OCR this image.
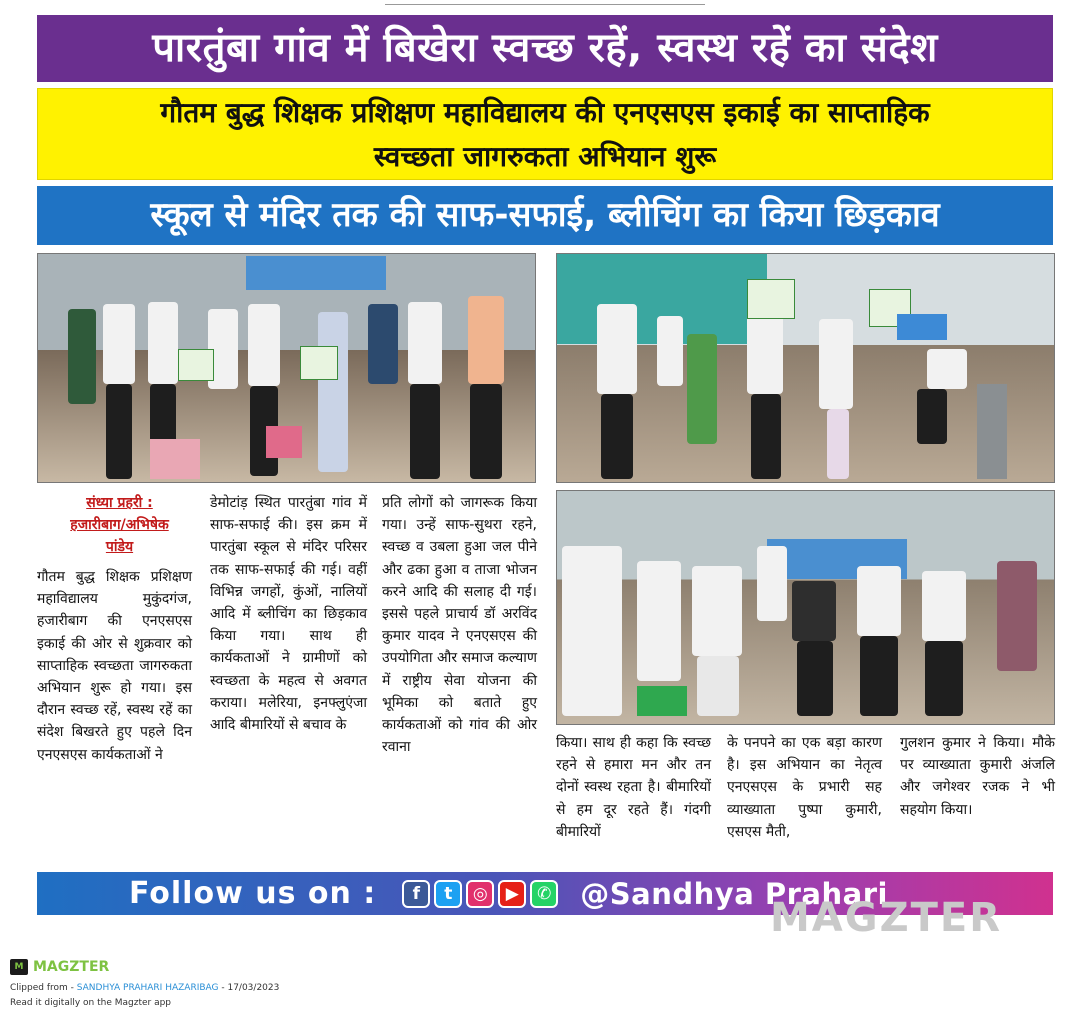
पारतुंबा गांव में बिखेरा स्वच्छ रहें, स्वस्थ रहें का संदेश
गौतम बुद्ध शिक्षक प्रशिक्षण महाविद्यालय की एनएसएस इकाई का साप्ताहिक
स्वच्छता जागरुकता अभियान शुरू
स्कूल से मंदिर तक की साफ-सफाई, ब्लीचिंग का किया छिड़काव
संध्या प्रहरी :
हजारीबाग/अभिषेक
पांडेय
गौतम बुद्ध शिक्षक प्रशिक्षण महाविद्यालय मुकुंदगंज, हजारीबाग की एनएसएस इकाई की ओर से शुक्रवार को साप्ताहिक स्वच्छता जागरुकता अभियान शुरू हो गया। इस दौरान स्वच्छ रहें, स्वस्थ रहें का संदेश बिखरते हुए पहले दिन एनएसएस कार्यकताओं ने
डेमोटांड़ स्थित पारतुंबा गांव में साफ-सफाई की। इस क्रम में पारतुंबा स्कूल से मंदिर परिसर तक साफ-सफाई की गई। वहीं विभिन्न जगहों, कुंओं, नालियों आदि में ब्लीचिंग का छिड़काव किया गया। साथ ही कार्यकताओं ने ग्रामीणों को स्वच्छता के महत्व से अवगत कराया। मलेरिया, इनफ्लुएंजा आदि बीमारियों से बचाव के
प्रति लोगों को जागरूक किया गया। उन्हें साफ-सुथरा रहने, स्वच्छ व उबला हुआ जल पीने और ढका हुआ व ताजा भोजन करने आदि की सलाह दी गई। इससे पहले प्राचार्य डॉ अरविंद कुमार यादव ने एनएसएस की उपयोगिता और समाज कल्याण में राष्ट्रीय सेवा योजना की भूमिका को बताते हुए कार्यकताओं को गांव की ओर रवाना	किया। साथ ही कहा कि स्वच्छ रहने से हमारा मन और तन दोनों स्वस्थ रहता है। बीमारियों से हम दूर रहते हैं। गंदगी बीमारियों
के पनपने का एक बड़ा कारण है। इस अभियान का नेतृत्व एनएसएस के प्रभारी सह व्याख्याता पुष्पा कुमारी, एसएस मैती,
गुलशन कुमार ने किया। मौके पर व्याख्याता कुमारी अंजलि और जगेश्वर रजक ने भी सहयोग किया।
Follow us on :	f	t	◎	▶	✆ @Sandhya Prahari
MAGZTER
M MAGZTER
Clipped from - SANDHYA PRAHARI HAZARIBAG - 17/03/2023
Read it digitally on the Magzter app
